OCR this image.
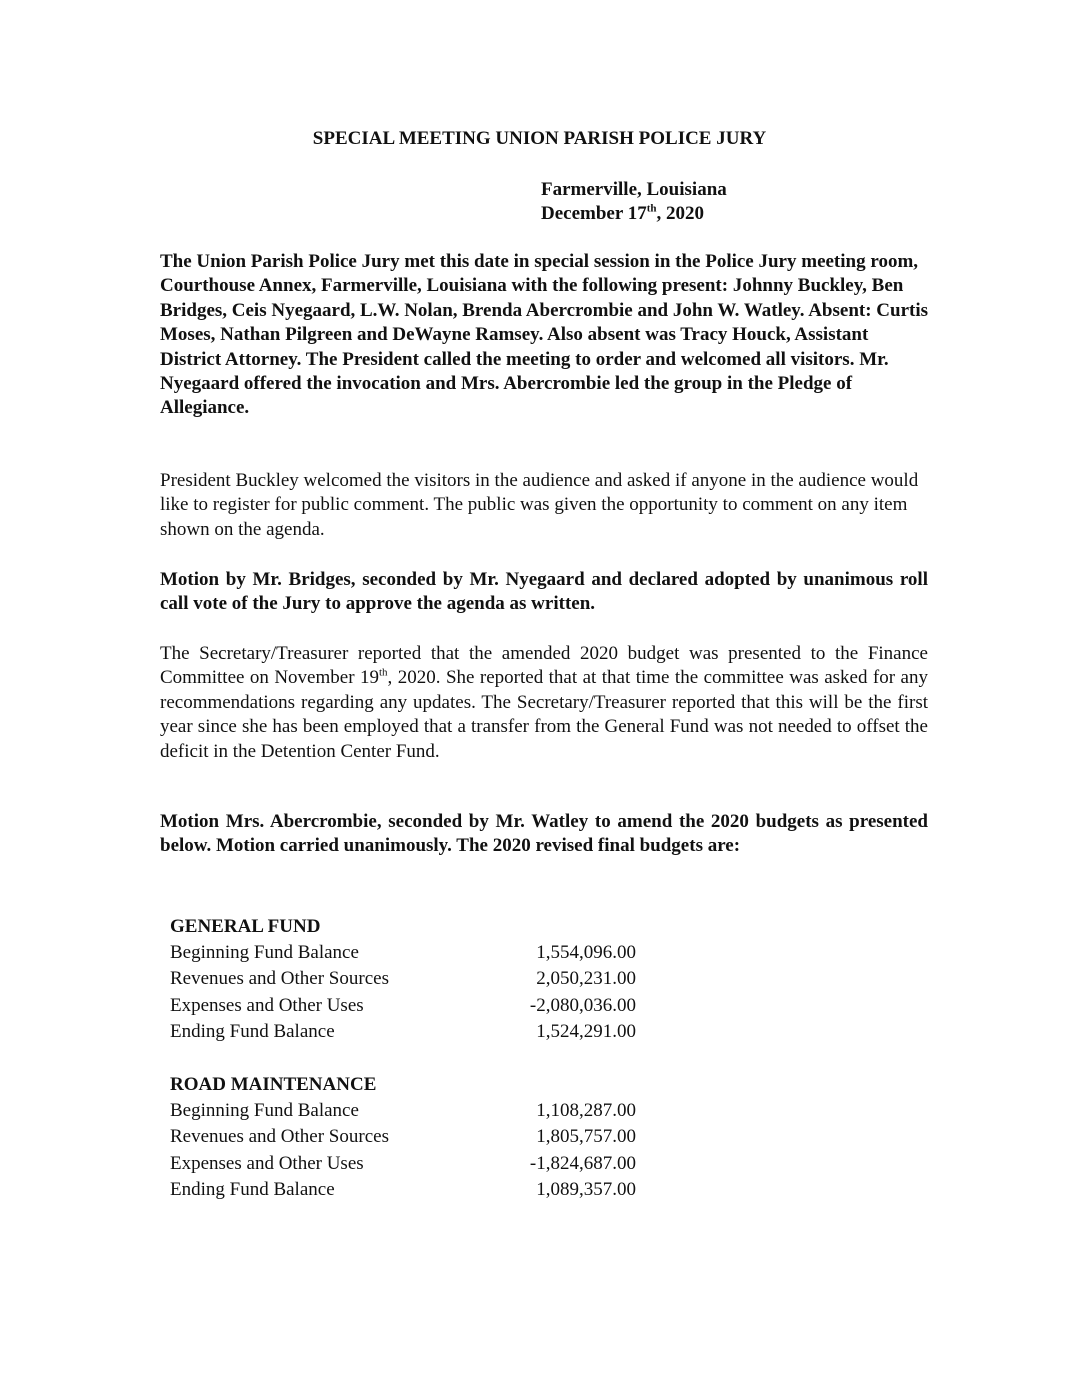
SPECIAL MEETING UNION PARISH POLICE JURY
Farmerville, Louisiana
December 17th, 2020

The Union Parish Police Jury met this date in special session in the Police Jury meeting room, Courthouse Annex, Farmerville, Louisiana with the following present: Johnny Buckley, Ben Bridges, Ceis Nyegaard, L.W. Nolan, Brenda Abercrombie and John W. Watley. Absent: Curtis Moses, Nathan Pilgreen and DeWayne Ramsey. Also absent was Tracy Houck, Assistant District Attorney. The President called the meeting to order and welcomed all visitors. Mr. Nyegaard offered the invocation and Mrs. Abercrombie led the group in the Pledge of Allegiance.

President Buckley welcomed the visitors in the audience and asked if anyone in the audience would like to register for public comment. The public was given the opportunity to comment on any item shown on the agenda.

Motion by Mr. Bridges, seconded by Mr. Nyegaard and declared adopted by unanimous roll call vote of the Jury to approve the agenda as written.

The Secretary/Treasurer reported that the amended 2020 budget was presented to the Finance Committee on November 19th, 2020. She reported that at that time the committee was asked for any recommendations regarding any updates. The Secretary/Treasurer reported that this will be the first year since she has been employed that a transfer from the General Fund was not needed to offset the deficit in the Detention Center Fund.

Motion Mrs. Abercrombie, seconded by Mr. Watley to amend the 2020 budgets as presented below. Motion carried unanimously. The 2020 revised final budgets are:

GENERAL FUND
Beginning Fund Balance	1,554,096.00
Revenues and Other Sources	2,050,231.00
Expenses and Other Uses	-2,080,036.00
Ending Fund Balance	1,524,291.00
ROAD MAINTENANCE
Beginning Fund Balance	1,108,287.00
Revenues and Other Sources	1,805,757.00
Expenses and Other Uses	-1,824,687.00
Ending Fund Balance	1,089,357.00
